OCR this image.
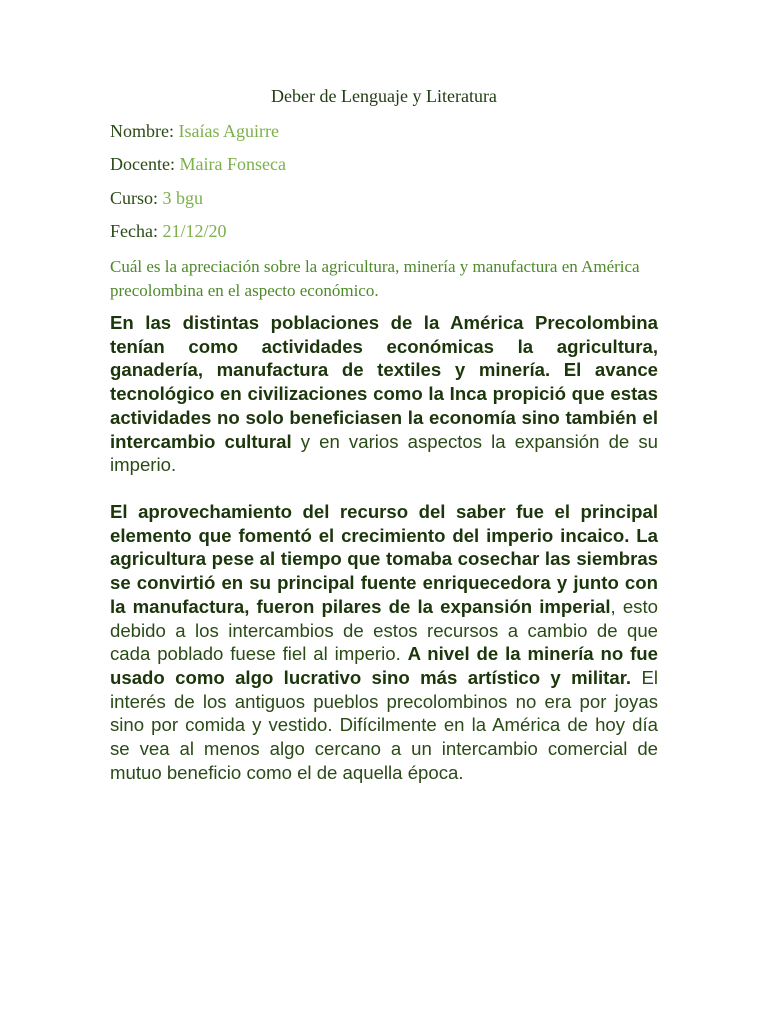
Deber de Lenguaje y Literatura

Nombre: Isaías Aguirre

Docente: Maira Fonseca

Curso: 3 bgu

Fecha: 21/12/20

Cuál es la apreciación sobre la agricultura, minería y manufactura en América precolombina en el aspecto económico.

En las distintas poblaciones de la América Precolombina tenían como actividades económicas la agricultura, ganadería, manufactura de textiles y minería. El avance tecnológico en civilizaciones como la Inca propició que estas actividades no solo beneficiasen la economía sino también el intercambio cultural y en varios aspectos la expansión de su imperio.

El aprovechamiento del recurso del saber fue el principal elemento que fomentó el crecimiento del imperio incaico. La agricultura pese al tiempo que tomaba cosechar las siembras se convirtió en su principal fuente enriquecedora y junto con la manufactura, fueron pilares de la expansión imperial, esto debido a los intercambios de estos recursos a cambio de que cada poblado fuese fiel al imperio. A nivel de la minería no fue usado como algo lucrativo sino más artístico y militar. El interés de los antiguos pueblos precolombinos no era por joyas sino por comida y vestido. Difícilmente en la América de hoy día se vea al menos algo cercano a un intercambio comercial de mutuo beneficio como el de aquella época.
